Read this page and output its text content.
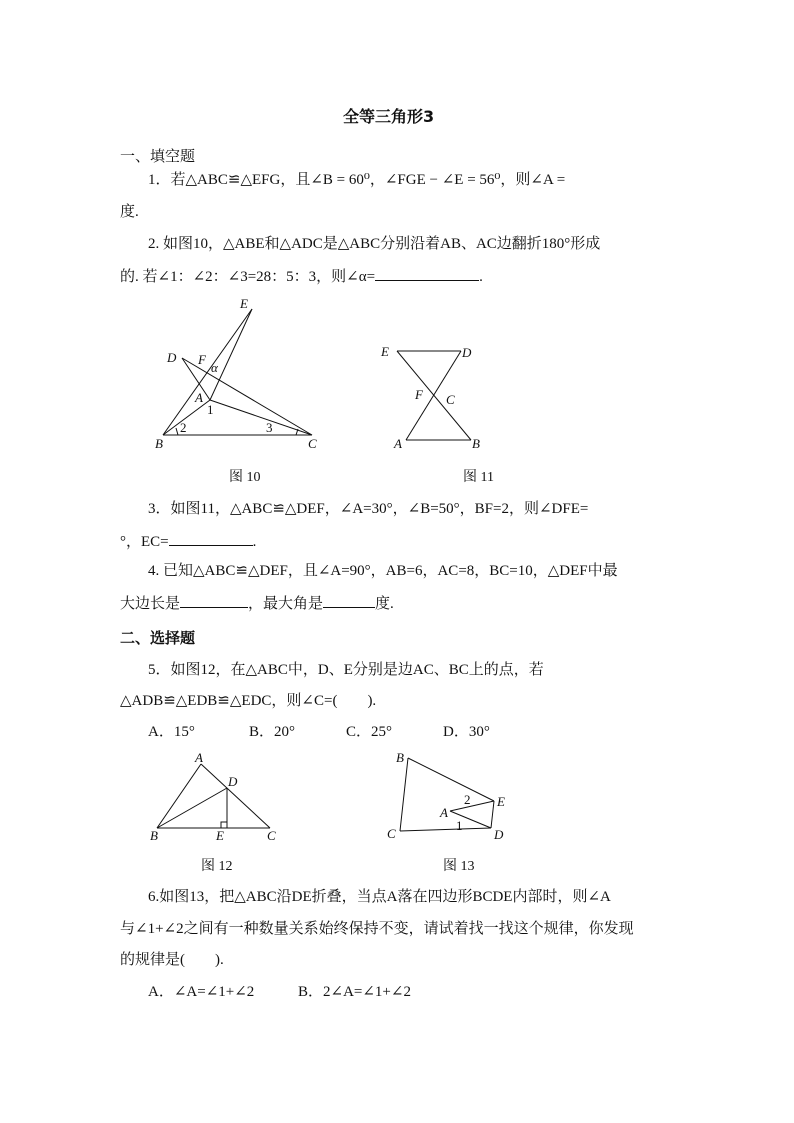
全等三角形3
一、填空题
1．若△ABC≌△EFG，且∠B = 60⁰，∠FGE − ∠E = 56⁰，则∠A =
度.
2. 如图10，△ABE和△ADC是△ABC分别沿着AB、AC边翻折180°形成
的. 若∠1：∠2：∠3=28：5：3，则∠α=	.
E
D F
α
A
1
2	3
B	C
图 10
E	D
F C
A	B
图 11
3．如图11，△ABC≌△DEF，∠A=30°，∠B=50°，BF=2，则∠DFE=
°，EC=	.
4. 已知△ABC≌△DEF，且∠A=90°，AB=6，AC=8，BC=10，△DEF中最
大边长是	，最大角是	度.
二、选择题
5．如图12，在△ABC中，D、E分别是边AC、BC上的点，若
△ADB≌△EDB≌△EDC，则∠C=(　　).
A．15°	B．20°	C．25°	D．30°
A
D
B	E	C
图 12
B
E
2
A
1
C	D
图 13
6.如图13，把△ABC沿DE折叠，当点A落在四边形BCDE内部时，则∠A
与∠1+∠2之间有一种数量关系始终保持不变，请试着找一找这个规律，你发现
的规律是(　　).
A．∠A=∠1+∠2	B．2∠A=∠1+∠2
